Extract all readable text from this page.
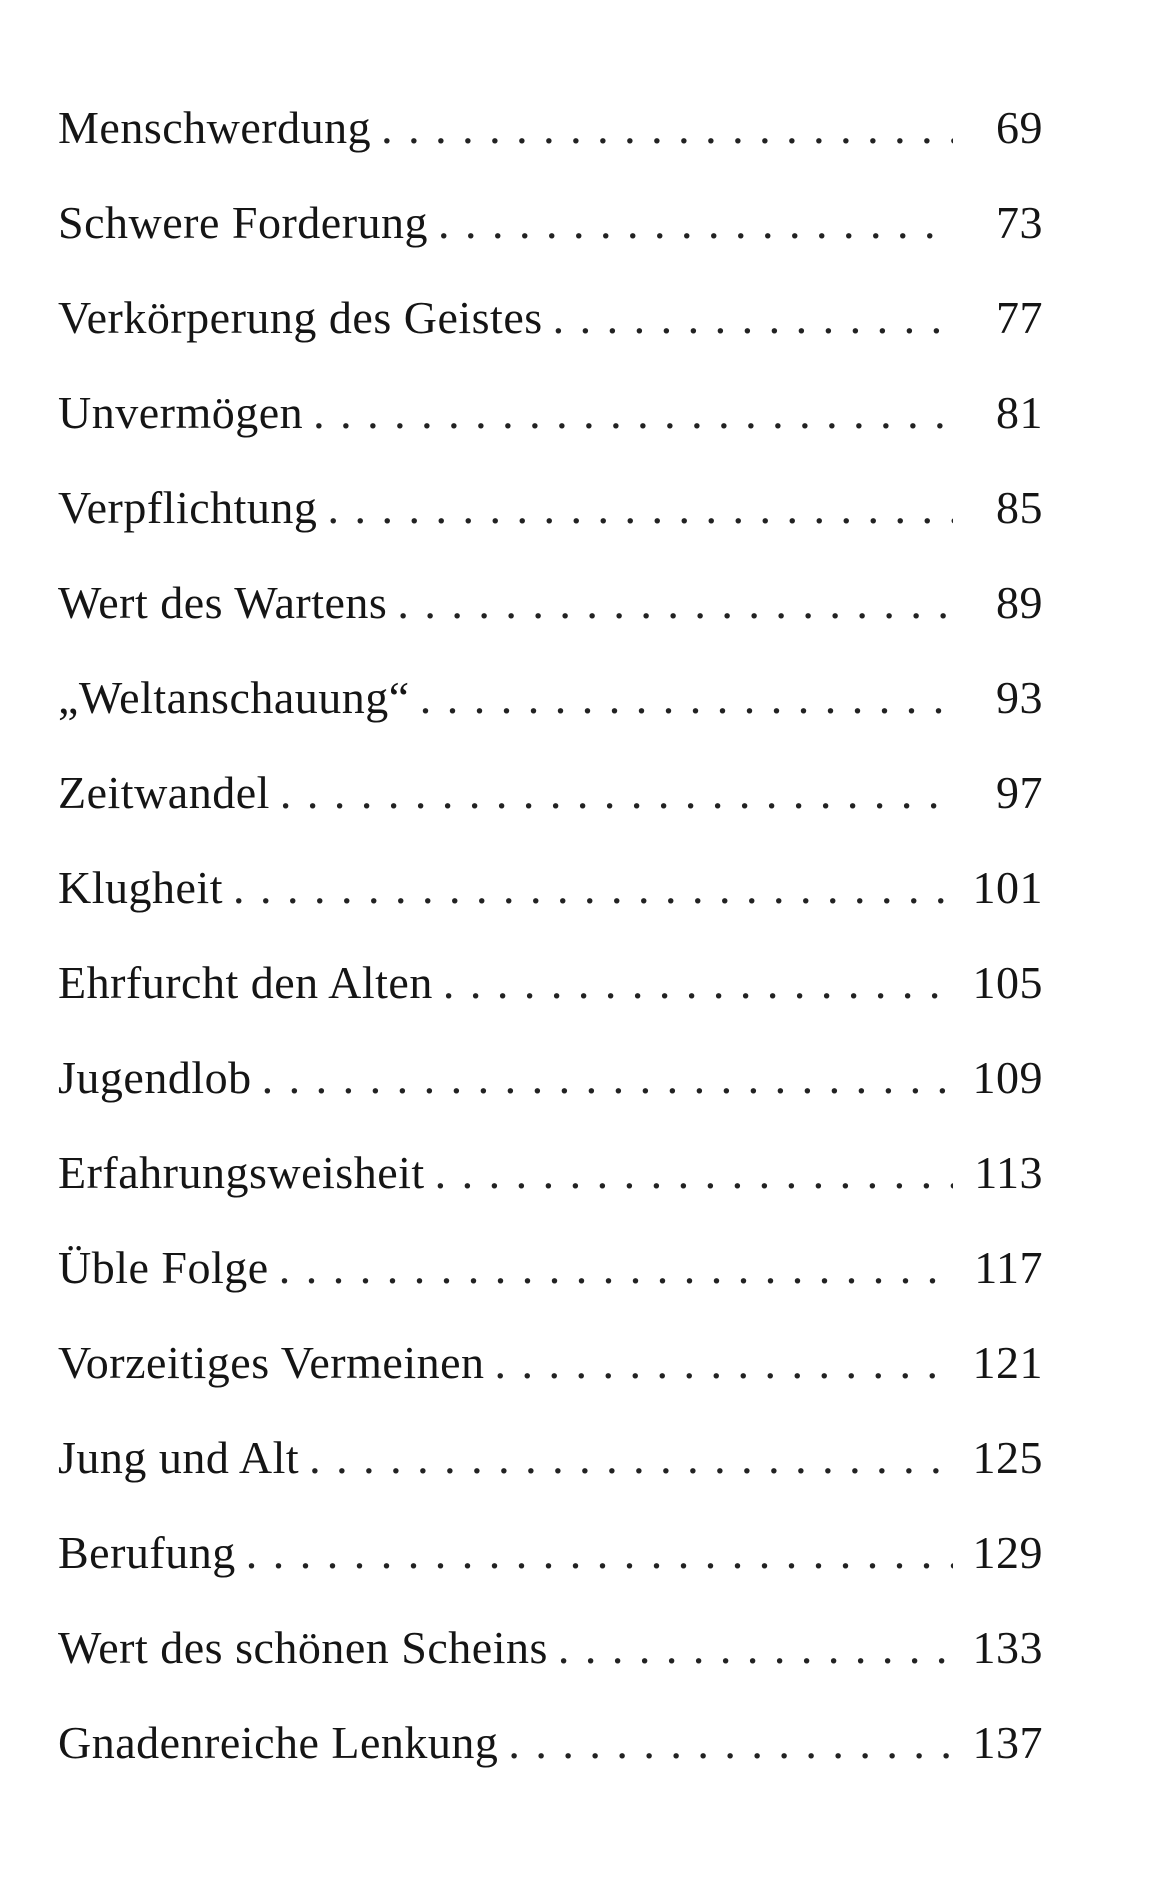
Menschwerdung . . .	69
Schwere Forderung . . .	73
Verkörperung des Geistes . . .	77
Unvermögen . . .	81
Verpflichtung . . .	85
Wert des Wartens . . .	89
„Weltanschauung“ . . .	93
Zeitwandel . . .	97
Klugheit . . .	101
Ehrfurcht den Alten . . .	105
Jugendlob . . .	109
Erfahrungsweisheit . . .	113
Üble Folge . . .	117
Vorzeitiges Vermeinen . . .	121
Jung und Alt . . .	125
Berufung . . .	129
Wert des schönen Scheins . . .	133
Gnadenreiche Lenkung . . .	137
